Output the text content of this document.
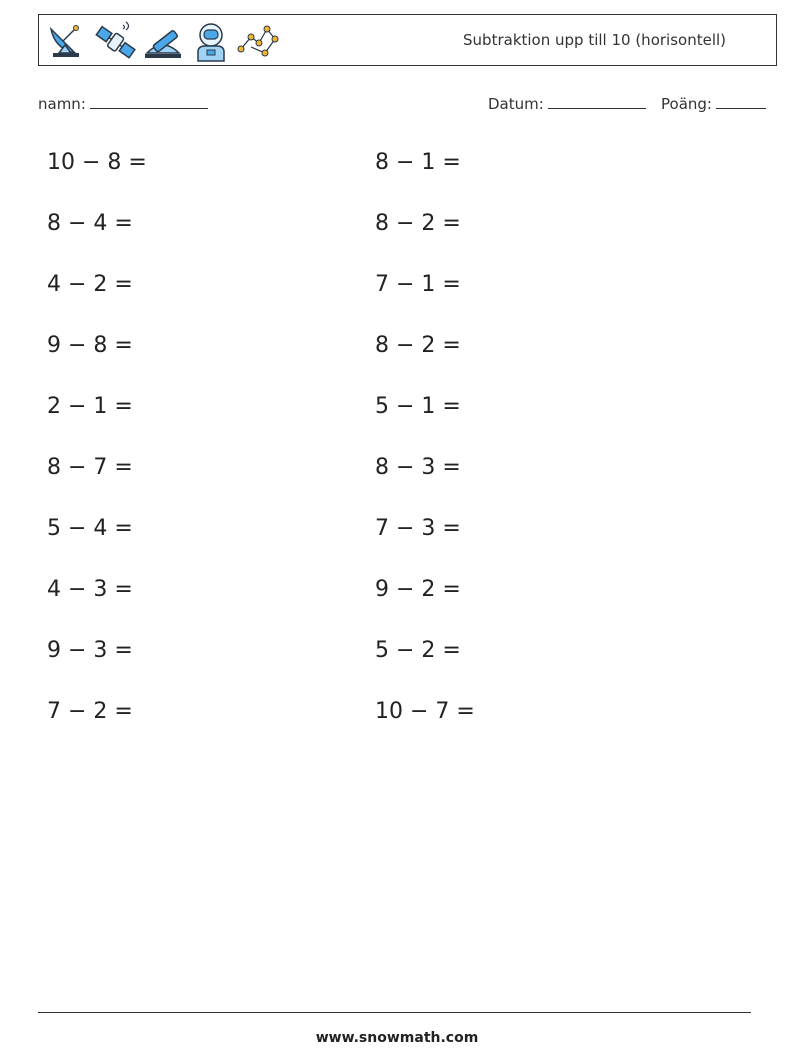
Subtraktion upp till 10 (horisontell)
namn:	Datum:	Poäng:
10 − 8 =
8 − 4 =
4 − 2 =
9 − 8 =
2 − 1 =
8 − 7 =
5 − 4 =
4 − 3 =
9 − 3 =
7 − 2 =
8 − 1 =
8 − 2 =
7 − 1 =
8 − 2 =
5 − 1 =
8 − 3 =
7 − 3 =
9 − 2 =
5 − 2 =
10 − 7 =
www.snowmath.com
